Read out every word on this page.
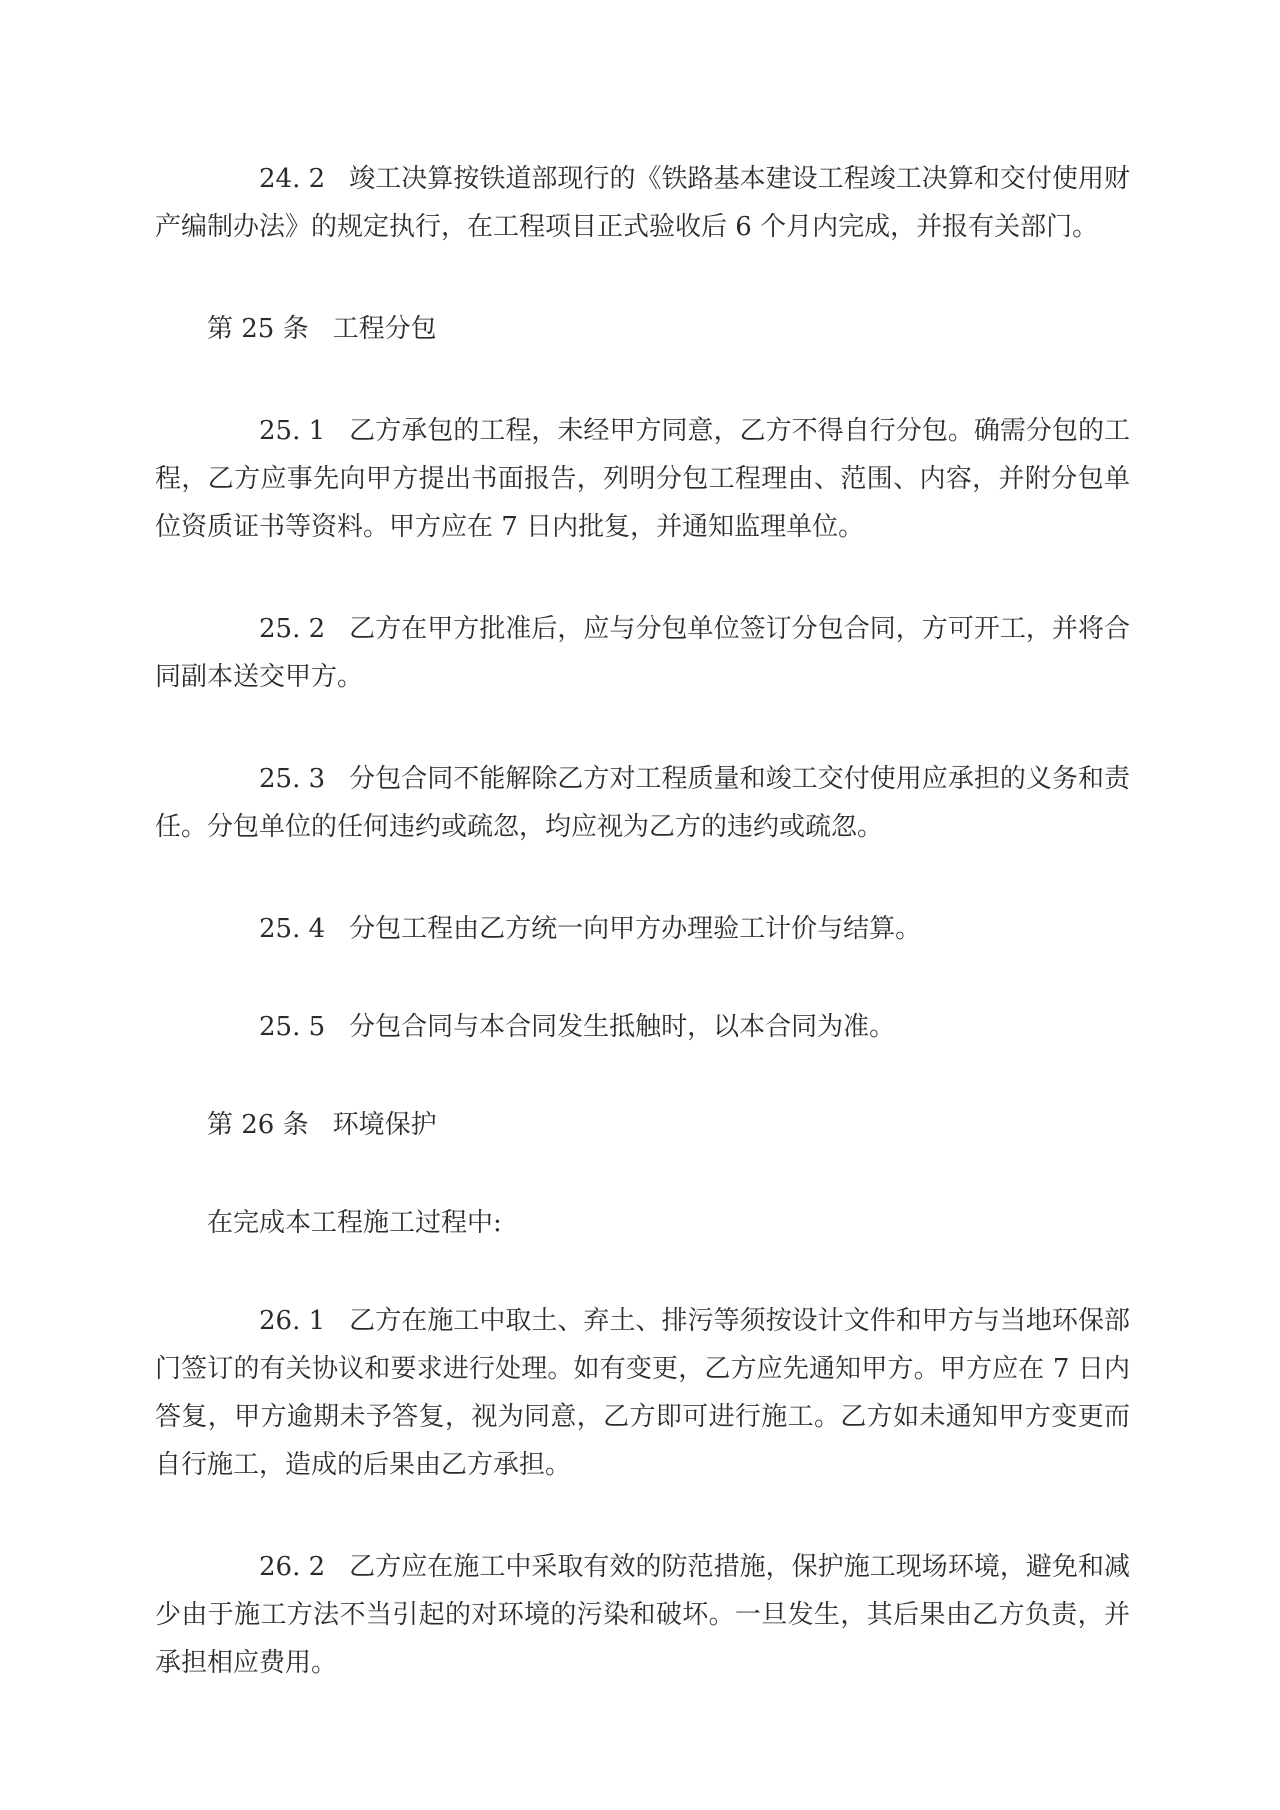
24. 2 竣工决算按铁道部现行的《铁路基本建设工程竣工决算和交付使用财产编制办法》的规定执行，在工程项目正式验收后 6 个月内完成，并报有关部门。

第 25 条 工程分包

25. 1 乙方承包的工程，未经甲方同意，乙方不得自行分包。确需分包的工程，乙方应事先向甲方提出书面报告，列明分包工程理由、范围、内容，并附分包单位资质证书等资料。甲方应在 7 日内批复，并通知监理单位。

25. 2 乙方在甲方批准后，应与分包单位签订分包合同，方可开工，并将合同副本送交甲方。

25. 3 分包合同不能解除乙方对工程质量和竣工交付使用应承担的义务和责任。分包单位的任何违约或疏忽，均应视为乙方的违约或疏忽。

25. 4 分包工程由乙方统一向甲方办理验工计价与结算。

25. 5 分包合同与本合同发生抵触时，以本合同为准。

第 26 条 环境保护

在完成本工程施工过程中:

26. 1 乙方在施工中取土、弃土、排污等须按设计文件和甲方与当地环保部门签订的有关协议和要求进行处理。如有变更，乙方应先通知甲方。甲方应在 7 日内答复，甲方逾期未予答复，视为同意，乙方即可进行施工。乙方如未通知甲方变更而自行施工，造成的后果由乙方承担。

26. 2 乙方应在施工中采取有效的防范措施，保护施工现场环境，避免和减少由于施工方法不当引起的对环境的污染和破坏。一旦发生，其后果由乙方负责，并承担相应费用。
